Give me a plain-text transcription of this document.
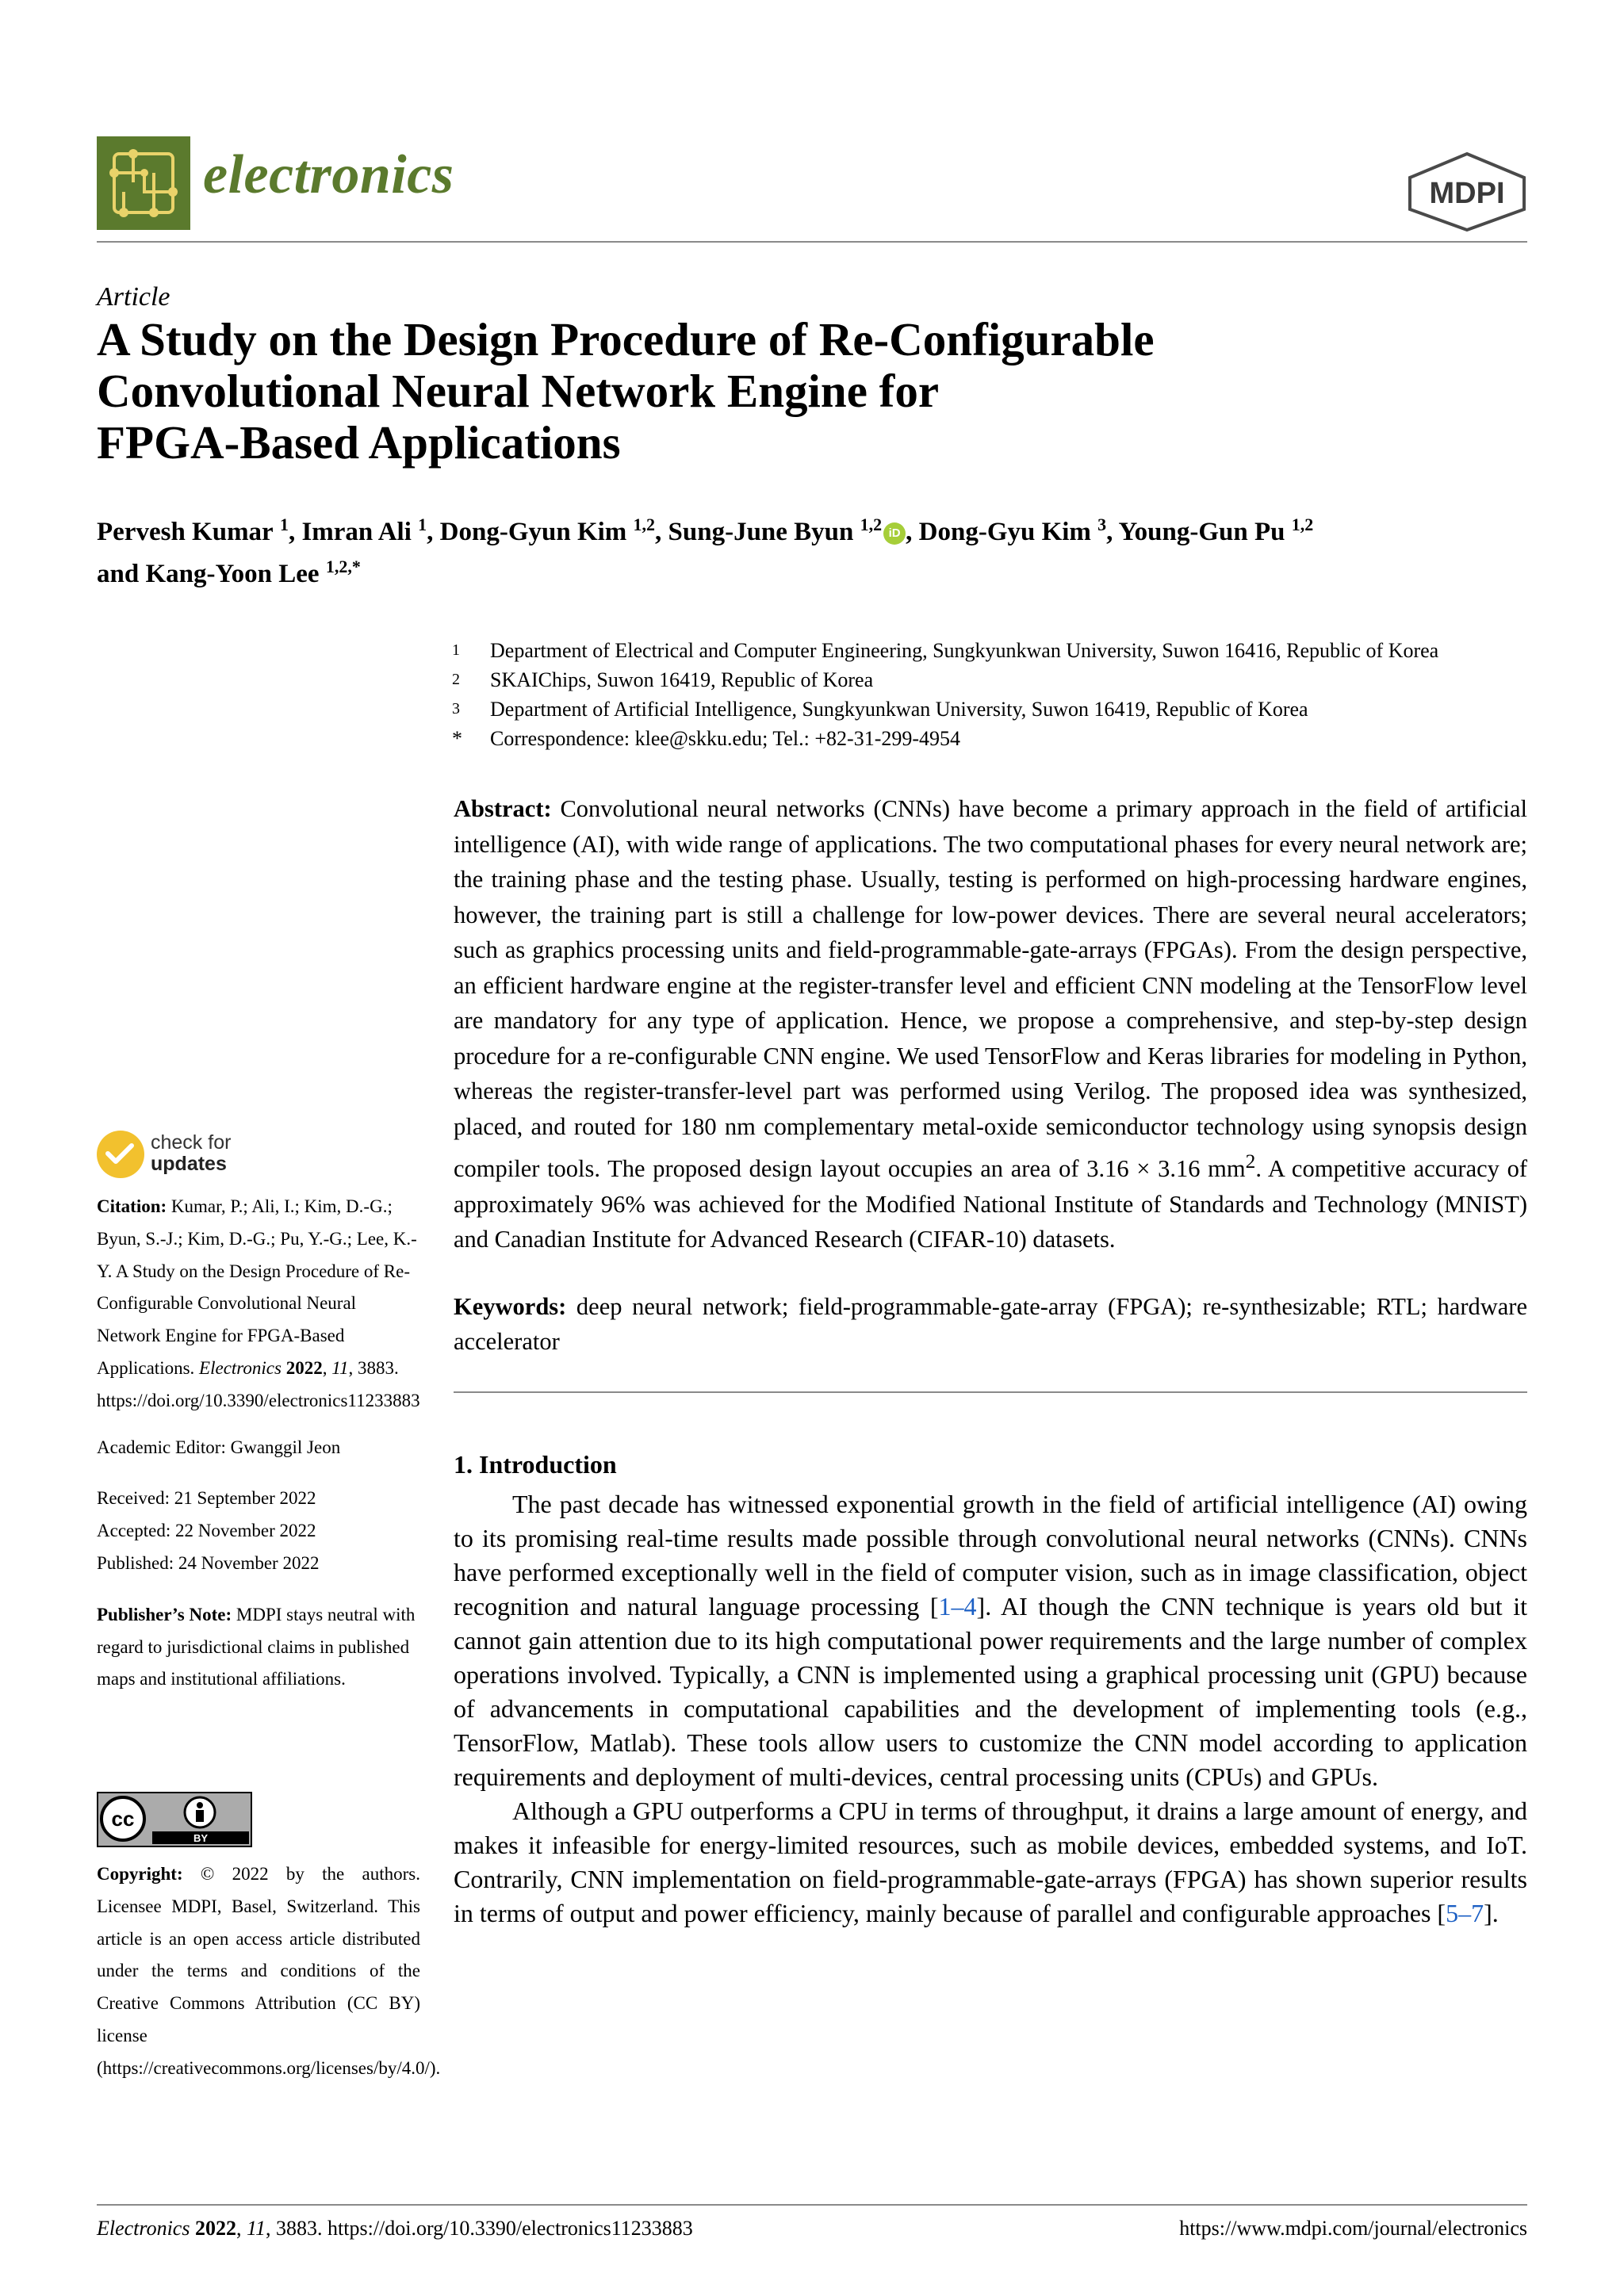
electronics	MDPI
Article
A Study on the Design Procedure of Re-Configurable
Convolutional Neural Network Engine for
FPGA-Based Applications
Pervesh Kumar $^1$, Imran Ali $^1$, Dong-Gyun Kim $^{1,2}$, Sung-June Byun $^{1,2}$ iD , Dong-Gyu Kim $^3$, Young-Gun Pu $^{1,2}$
and Kang-Yoon Lee $^{1,2,*}$
1	Department of Electrical and Computer Engineering, Sungkyunkwan University, Suwon 16416, Republic of Korea
2	SKAIChips, Suwon 16419, Republic of Korea
3	Department of Artificial Intelligence, Sungkyunkwan University, Suwon 16419, Republic of Korea
*	Correspondence: klee@skku.edu; Tel.: +82-31-299-4954

Abstract: Convolutional neural networks (CNNs) have become a primary approach in the field of artificial intelligence (AI), with wide range of applications. The two computational phases for every neural network are; the training phase and the testing phase. Usually, testing is performed on high-processing hardware engines, however, the training part is still a challenge for low-power devices. There are several neural accelerators; such as graphics processing units and field-programmable-gate-arrays (FPGAs). From the design perspective, an efficient hardware engine at the register-transfer level and efficient CNN modeling at the TensorFlow level are mandatory for any type of application. Hence, we propose a comprehensive, and step-by-step design procedure for a re-configurable CNN engine. We used TensorFlow and Keras libraries for modeling in Python, whereas the register-transfer-level part was performed using Verilog. The proposed idea was synthesized, placed, and routed for 180 nm complementary metal-oxide semiconductor technology using synopsis design compiler tools. The proposed design layout occupies an area of 3.16 × 3.16 $mm^2$. A competitive accuracy of approximately 96% was achieved for the Modified National Institute of Standards and Technology (MNIST) and Canadian Institute for Advanced Research (CIFAR-10) datasets.

Keywords: deep neural network; field-programmable-gate-array (FPGA); re-synthesizable; RTL; hardware accelerator

1. Introduction

The past decade has witnessed exponential growth in the field of artificial intelligence (AI) owing to its promising real-time results made possible through convolutional neural networks (CNNs). CNNs have performed exceptionally well in the field of computer vision, such as in image classification, object recognition and natural language processing [1–4]. AI though the CNN technique is years old but it cannot gain attention due to its high computational power requirements and the large number of complex operations involved. Typically, a CNN is implemented using a graphical processing unit (GPU) because of advancements in computational capabilities and the development of implementing tools (e.g., TensorFlow, Matlab). These tools allow users to customize the CNN model according to application requirements and deployment of multi-devices, central processing units (CPUs) and GPUs.

Although a GPU outperforms a CPU in terms of throughput, it drains a large amount of energy, and makes it infeasible for energy-limited resources, such as mobile devices, embedded systems, and IoT. Contrarily, CNN implementation on field-programmable-gate-arrays (FPGA) has shown superior results in terms of output and power efficiency, mainly because of parallel and configurable approaches [5–7].

check for
updates

Citation: Kumar, P.; Ali, I.; Kim, D.-G.; Byun, S.-J.; Kim, D.-G.; Pu, Y.-G.; Lee, K.-Y. A Study on the Design Procedure of Re-Configurable Convolutional Neural Network Engine for FPGA-Based Applications. Electronics 2022, 11, 3883. https://doi.org/10.3390/electronics11233883

Academic Editor: Gwanggil Jeon

Received: 21 September 2022

Accepted: 22 November 2022

Published: 24 November 2022

Publisher’s Note: MDPI stays neutral with regard to jurisdictional claims in published maps and institutional affiliations.

cc
BY

Copyright: © 2022 by the authors. Licensee MDPI, Basel, Switzerland. This article is an open access article distributed under the terms and conditions of the Creative Commons Attribution (CC BY) license (https://creativecommons.org/licenses/by/4.0/).

Electronics 2022, 11, 3883. https://doi.org/10.3390/electronics11233883	https://www.mdpi.com/journal/electronics
